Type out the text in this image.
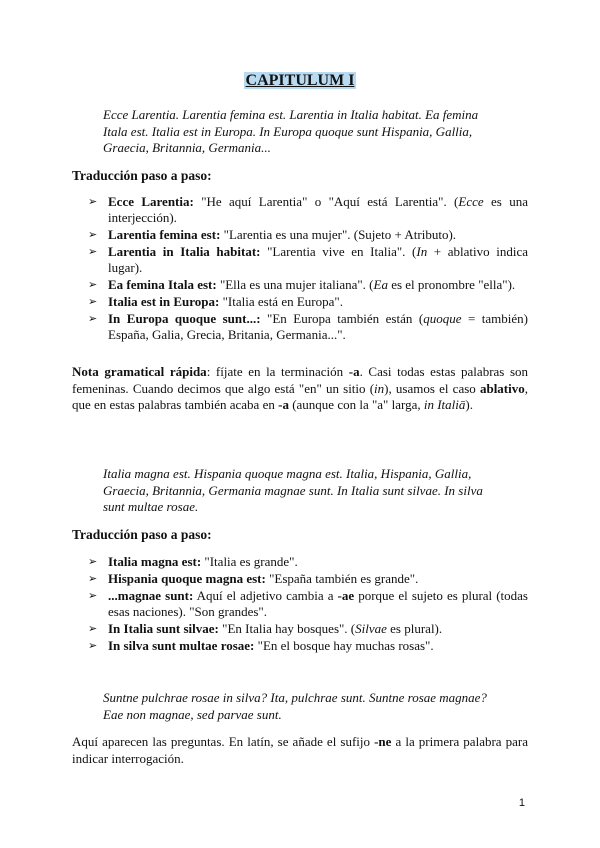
CAPITULUM I
Ecce Larentia. Larentia femina est. Larentia in Italia habitat. Ea femina Itala est. Italia est in Europa. In Europa quoque sunt Hispania, Gallia, Graecia, Britannia, Germania...
Traducción paso a paso:
➢ Ecce Larentia: "He aquí Larentia" o "Aquí está Larentia". (Ecce es una interjección).
➢ Larentia femina est: "Larentia es una mujer". (Sujeto + Atributo).
➢ Larentia in Italia habitat: "Larentia vive en Italia". (In + ablativo indica lugar).
➢ Ea femina Itala est: "Ella es una mujer italiana". (Ea es el pronombre "ella").
➢ Italia est in Europa: "Italia está en Europa".
➢ In Europa quoque sunt...: "En Europa también están (quoque = también) España, Galia, Grecia, Britania, Germania...".
Nota gramatical rápida: fíjate en la terminación -a. Casi todas estas palabras son femeninas. Cuando decimos que algo está "en" un sitio (in), usamos el caso ablativo, que en estas palabras también acaba en -a (aunque con la "a" larga, in Italiā).
Italia magna est. Hispania quoque magna est. Italia, Hispania, Gallia, Graecia, Britannia, Germania magnae sunt. In Italia sunt silvae. In silva sunt multae rosae.
Traducción paso a paso:
➢ Italia magna est: "Italia es grande".
➢ Hispania quoque magna est: "España también es grande".
➢ ...magnae sunt: Aquí el adjetivo cambia a -ae porque el sujeto es plural (todas esas naciones). "Son grandes".
➢ In Italia sunt silvae: "En Italia hay bosques". (Silvae es plural).
➢ In silva sunt multae rosae: "En el bosque hay muchas rosas".
Suntne pulchrae rosae in silva? Ita, pulchrae sunt. Suntne rosae magnae? Eae non magnae, sed parvae sunt.
Aquí aparecen las preguntas. En latín, se añade el sufijo -ne a la primera palabra para indicar interrogación.
1
